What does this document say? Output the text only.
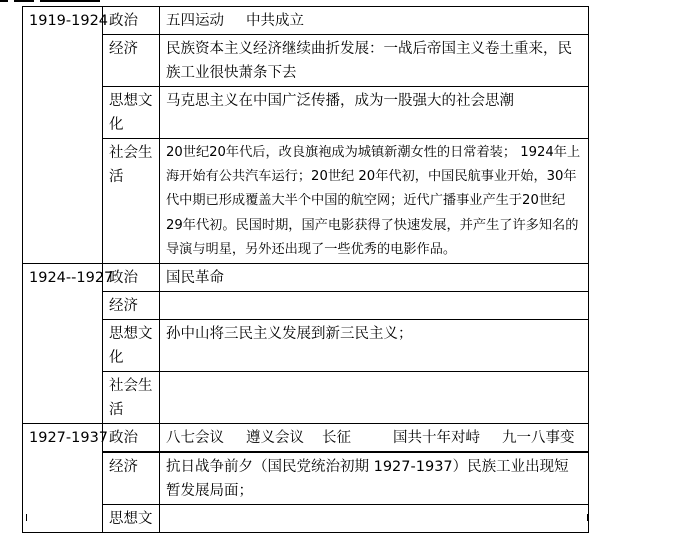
1919-1924	政治	五四运动 中共成立
	经济	民族资本主义经济继续曲折发展：一战后帝国主义卷土重来，民族工业很快萧条下去
	思想文化	马克思主义在中国广泛传播，成为一股强大的社会思潮
	社会生活	20世纪20年代后，改良旗袍成为城镇新潮女性的日常着装； 1924年上海开始有公共汽车运行；20世纪 20年代初，中国民航事业开始，30年代中期已形成覆盖大半个中国的航空网；近代广播事业产生于20世纪 29年代初。民国时期，国产电影获得了快速发展，并产生了许多知名的导演与明星，另外还出现了一些优秀的电影作品。
1924--1927	政治	国民革命
	经济	
	思想文化	孙中山将三民主义发展到新三民主义；
	社会生活	
1927-1937	政治	八七会议 遵义会议 长征 国共十年对峙 九一八事变
	经济	抗日战争前夕（国民党统治初期 1927-1937）民族工业出现短暂发展局面；
	思想文	
